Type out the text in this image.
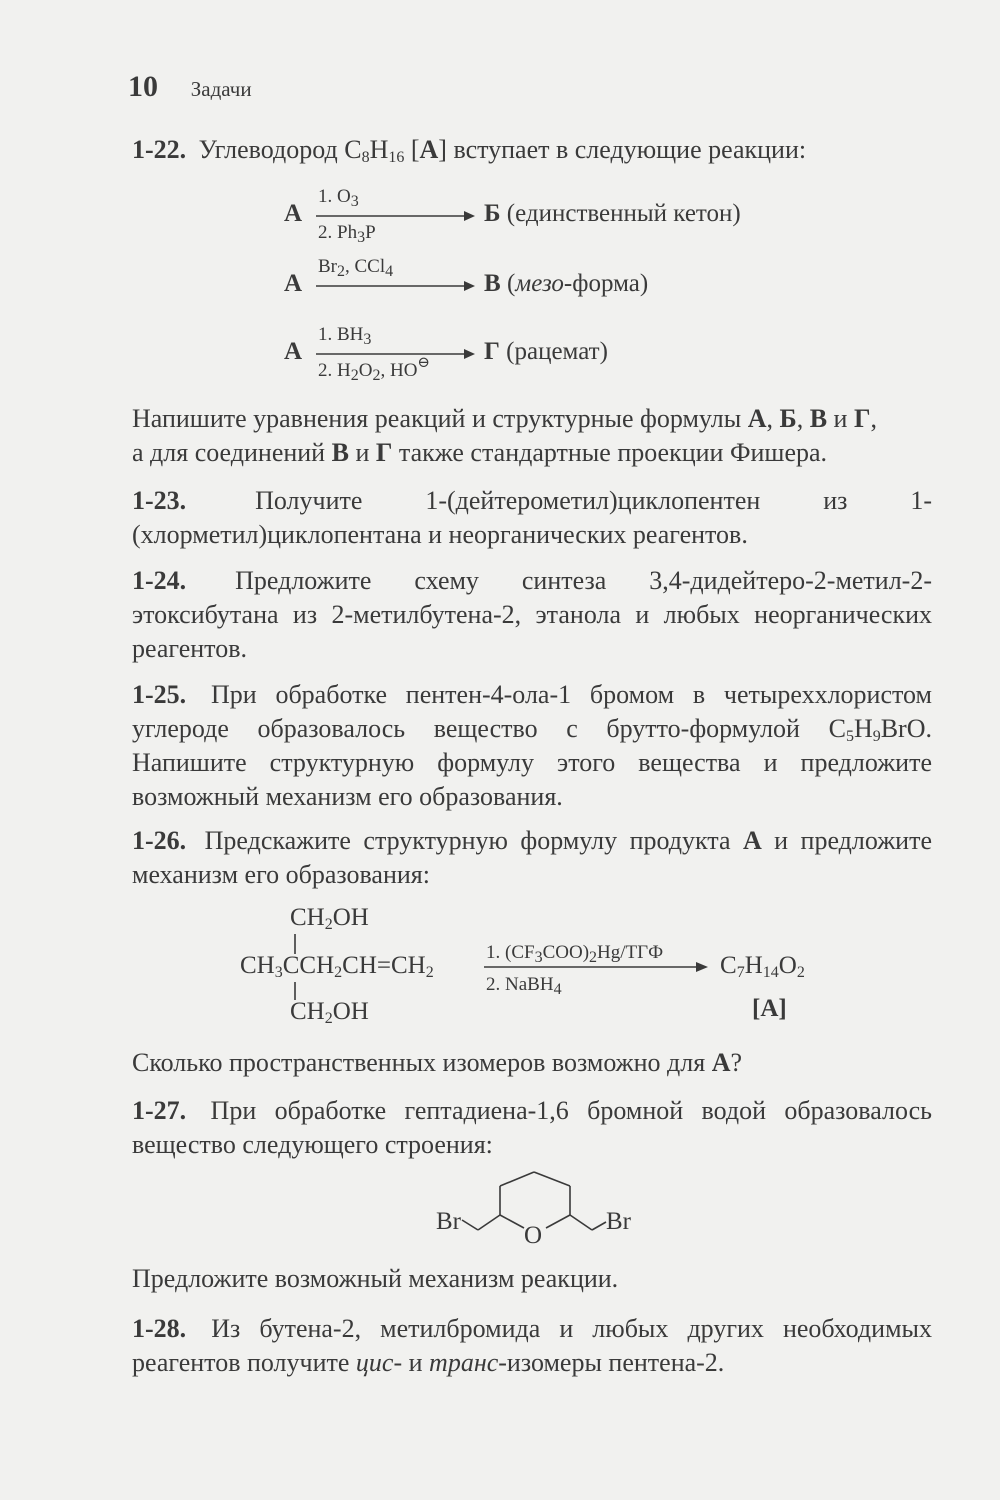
10 Задачи
1-22. Углеводород $C_8H_{16}$ [A] вступает в следующие реакции:
A
1. $O_3$
2. $Ph_3P$
Б (единственный кетон)
A
$Br_2$, CCl$_4$	В (мезо-форма)
A
1. $BH_3$
2. $H_2O_2$, HO⊖ Г (рацемат)
Напишите уравнения реакций и структурные формулы А, Б, В и Г,
а для соединений В и Г также стандартные проекции Фишера.
1-23.	Получите 1-(дейтерометил)циклопентен из 1-(хлорметил)циклопентана и неорганических реагентов.
1-24. Предложите схему синтеза 3,4-дидейтеро-2-метил-2-этоксибутана из 2-метилбутена-2, этанола и любых неорганических реагентов.
1-25. При обработке пентен-4-ола-1 бромом в четыреххлористом углероде образовалось вещество с брутто-формулой $C_5H_9BrO$. Напишите структурную формулу этого вещества и предложите возможный механизм его образования.
1-26. Предскажите структурную формулу продукта А и предложите механизм его образования:
$CH_2OH$
$CH_3CCH_2CH=CH_2$
$CH_2OH$
1. $(CF_3COO)_2Hg$/ТГФ
2. NaBH$_4$
$C_7H_{14}O_2$
[A]
Сколько пространственных изомеров возможно для А?
1-27. При обработке гептадиена-1,6 бромной водой образовалось вещество следующего строения:
Br
O
Br
Предложите возможный механизм реакции.
1-28. Из бутена-2, метилбромида и любых других необходимых реагентов получите цис- и транс-изомеры пентена-2.
